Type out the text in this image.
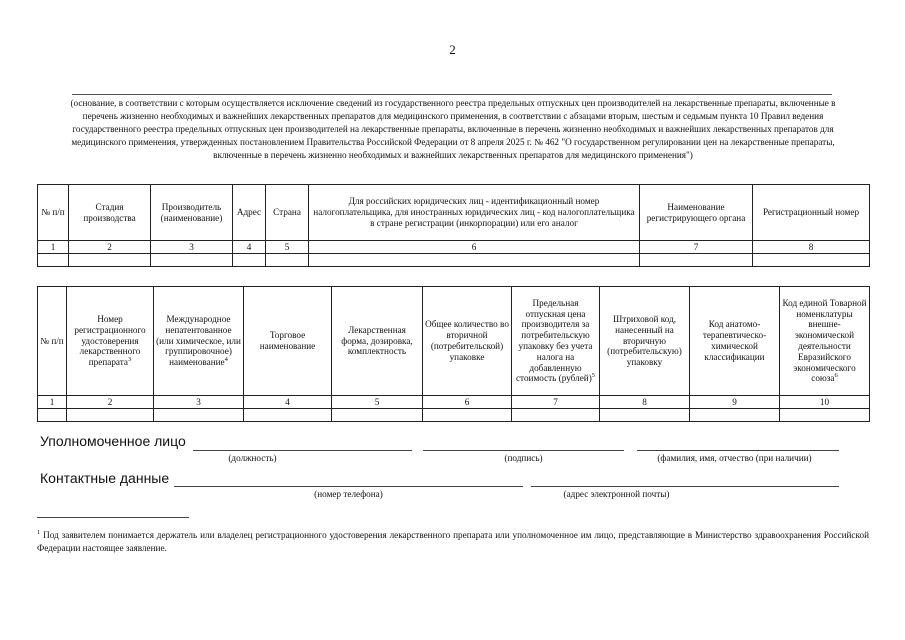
2
(основание, в соответствии с которым осуществляется исключение сведений из государственного реестра предельных отпускных цен производителей на лекарственные препараты, включенные в перечень жизненно необходимых и важнейших лекарственных препаратов для медицинского применения, в соответствии с абзацами вторым, шестым и седьмым пункта 10 Правил ведения государственного реестра предельных отпускных цен производителей на лекарственные препараты, включенные в перечень жизненно необходимых и важнейших лекарственных препаратов для медицинского применения, утвержденных постановлением Правительства Российской Федерации от 8 апреля 2025 г. № 462 "О государственном регулировании цен на лекарственные препараты, включенные в перечень жизненно необходимых и важнейших лекарственных препаратов для медицинского применения")
№ п/п	Стадия производства	Производитель (наименование)	Адрес	Страна	Для российских юридических лиц - идентификационный номер налогоплательщика, для иностранных юридических лиц - код налогоплательщика в стране регистрации (инкорпорации) или его аналог	Наименование регистрирующего органа	Регистрационный номер
1	2	3	4	5	6	7	8

№ п/п	Номер регистрационного удостоверения лекарственного препарата$^3$	Международное непатентованное (или химическое, или группировочное) наименование$^4$	Торговое наименование	Лекарственная форма, дозировка, комплектность	Общее количество во вторичной (потребительской) упаковке	Предельная отпускная цена производителя за потребительскую упаковку без учета налога на добавленную стоимость (рублей)$^5$	Штриховой код, нанесенный на вторичную (потребительскую) упаковку	Код анатомо-терапевтическо-химической классификации	Код единой Товарной номенклатуры внешне-экономической деятельности Евразийского экономического союза$^6$
1	2	3	4	5	6	7	8	9	10

Уполномоченное лицо
(должность)	(подпись)	(фамилия, имя, отчество (при наличии)
Контактные данные
(номер телефона)	(адрес электронной почты)
$^1$ Под заявителем понимается держатель или владелец регистрационного удостоверения лекарственного препарата или уполномоченное им лицо, представляющие в Министерство здравоохранения Российской Федерации настоящее заявление.
